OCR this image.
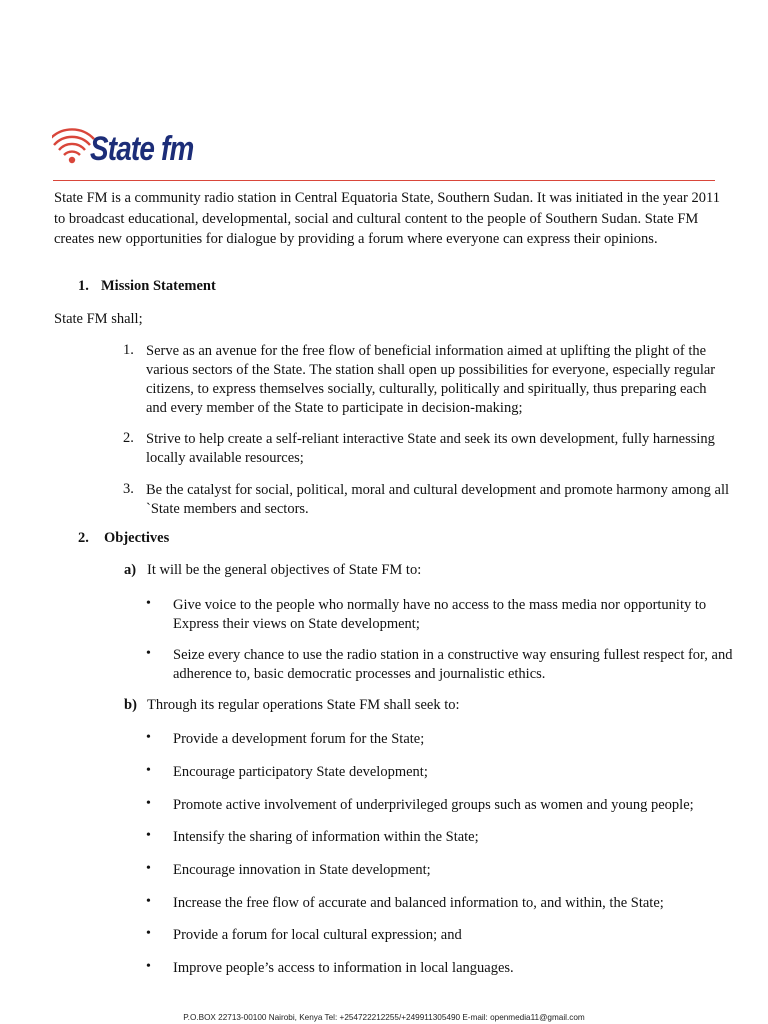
State fm
State FM is a community radio station in Central Equatoria State, Southern Sudan. It was initiated in the year 2011 to broadcast educational, developmental, social and cultural content to the people of Southern Sudan. State FM creates new opportunities for dialogue by providing a forum where everyone can express their opinions.
1. Mission Statement
State FM shall;
1. Serve as an avenue for the free flow of beneficial information aimed at uplifting the plight of the various sectors of the State. The station shall open up possibilities for everyone, especially regular citizens, to express themselves socially, culturally, politically and spiritually, thus preparing each and every member of the State to participate in decision-making;
2. Strive to help create a self-reliant interactive State and seek its own development, fully harnessing locally available resources;
3. Be the catalyst for social, political, moral and cultural development and promote harmony among all `State members and sectors.
2. Objectives
a) It will be the general objectives of State FM to:
• Give voice to the people who normally have no access to the mass media nor opportunity to Express their views on State development;
• Seize every chance to use the radio station in a constructive way ensuring fullest respect for, and adherence to, basic democratic processes and journalistic ethics.
b) Through its regular operations State FM shall seek to:
• Provide a development forum for the State;
• Encourage participatory State development;
• Promote active involvement of underprivileged groups such as women and young people;
• Intensify the sharing of information within the State;
• Encourage innovation in State development;
• Increase the free flow of accurate and balanced information to, and within, the State;
• Provide a forum for local cultural expression; and
• Improve people’s access to information in local languages.
P.O.BOX 22713-00100 Nairobi, Kenya Tel: +254722212255/+249911305490 E-mail: openmedia11@gmail.com
